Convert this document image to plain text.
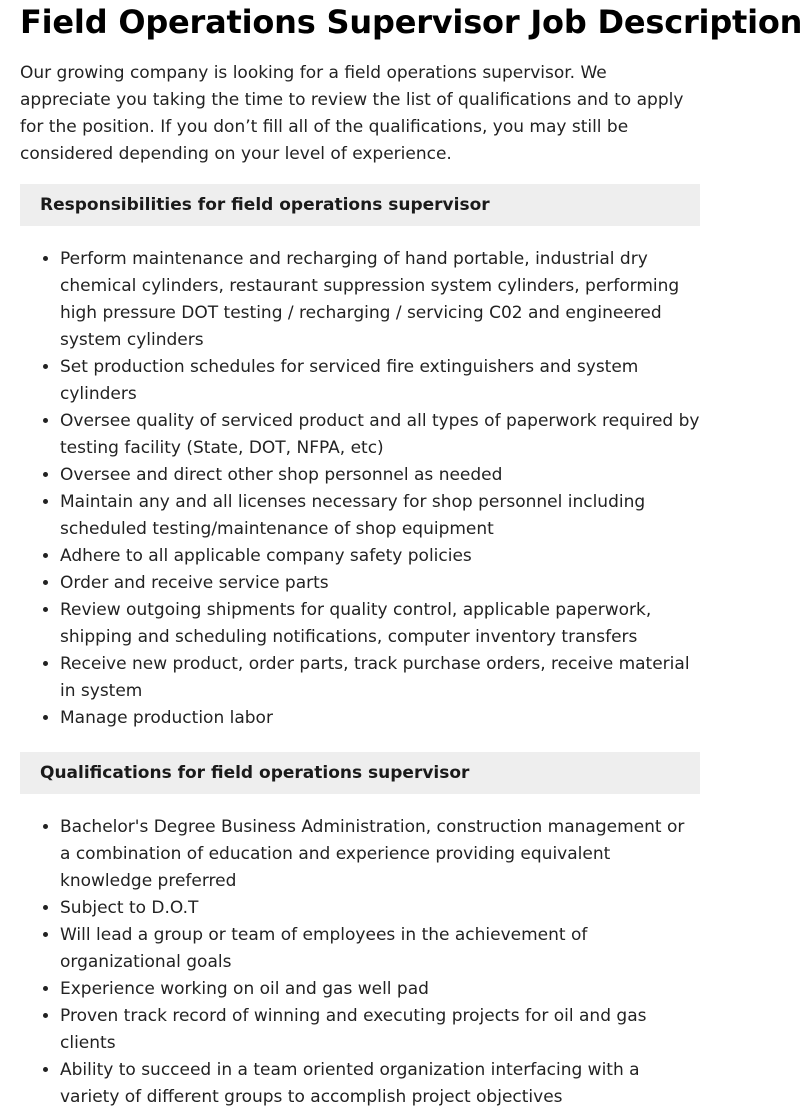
Field Operations Supervisor Job Description

Our growing company is looking for a field operations supervisor. We appreciate you taking the time to review the list of qualifications and to apply for the position. If you don’t fill all of the qualifications, you may still be considered depending on your level of experience.

Responsibilities for field operations supervisor
• Perform maintenance and recharging of hand portable, industrial dry chemical cylinders, restaurant suppression system cylinders, performing high pressure DOT testing / recharging / servicing C02 and engineered system cylinders
• Set production schedules for serviced fire extinguishers and system cylinders
• Oversee quality of serviced product and all types of paperwork required by testing facility (State, DOT, NFPA, etc)
• Oversee and direct other shop personnel as needed
• Maintain any and all licenses necessary for shop personnel including scheduled testing/maintenance of shop equipment
• Adhere to all applicable company safety policies
• Order and receive service parts
• Review outgoing shipments for quality control, applicable paperwork, shipping and scheduling notifications, computer inventory transfers
• Receive new product, order parts, track purchase orders, receive material in system
• Manage production labor
Qualifications for field operations supervisor
• Bachelor's Degree Business Administration, construction management or a combination of education and experience providing equivalent knowledge preferred
• Subject to D.O.T
• Will lead a group or team of employees in the achievement of organizational goals
• Experience working on oil and gas well pad
• Proven track record of winning and executing projects for oil and gas clients
• Ability to succeed in a team oriented organization interfacing with a variety of different groups to accomplish project objectives
